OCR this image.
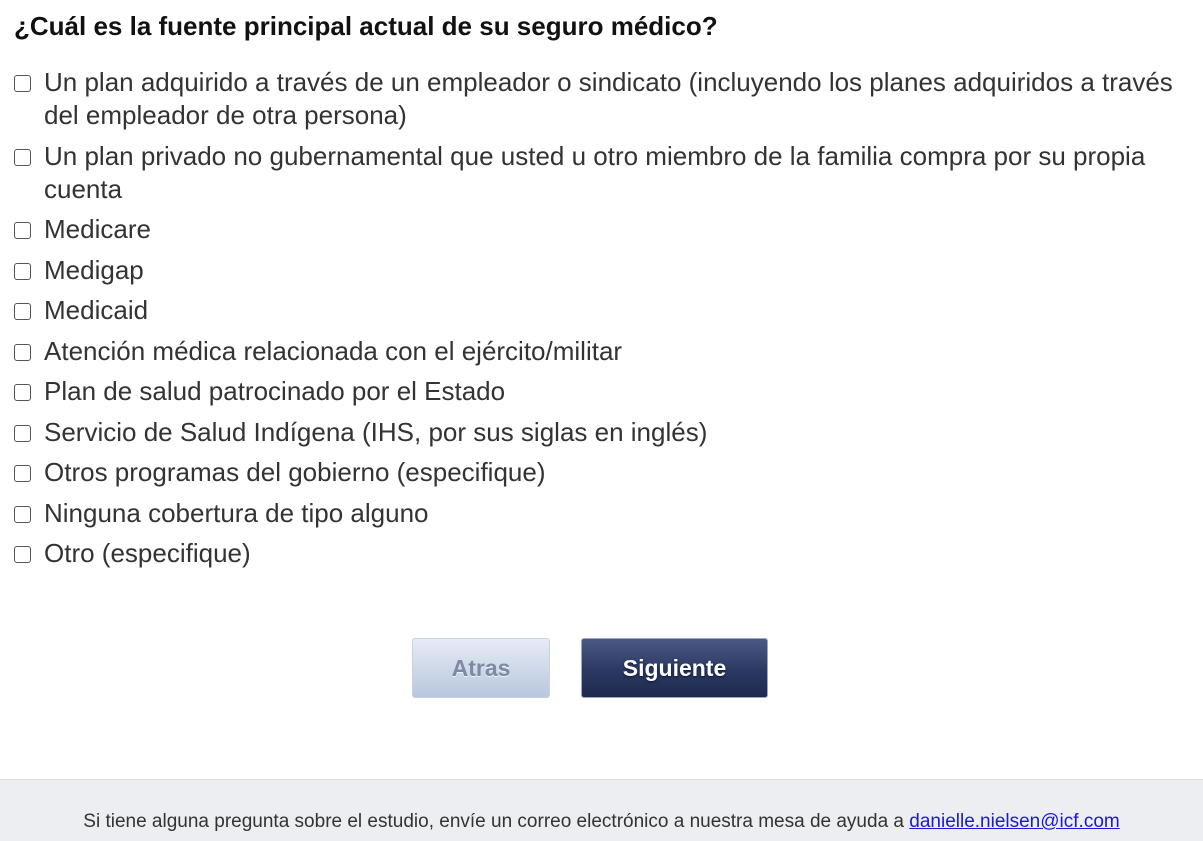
¿Cuál es la fuente principal actual de su seguro médico?
Un plan adquirido a través de un empleador o sindicato (incluyendo los planes adquiridos a través del empleador de otra persona)
Un plan privado no gubernamental que usted u otro miembro de la familia compra por su propia cuenta
Medicare
Medigap
Medicaid
Atención médica relacionada con el ejército/militar
Plan de salud patrocinado por el Estado
Servicio de Salud Indígena (IHS, por sus siglas en inglés)
Otros programas del gobierno (especifique)
Ninguna cobertura de tipo alguno
Otro (especifique)
Atras	Siguiente
Si tiene alguna pregunta sobre el estudio, envíe un correo electrónico a nuestra mesa de ayuda a danielle.nielsen@icf.com
